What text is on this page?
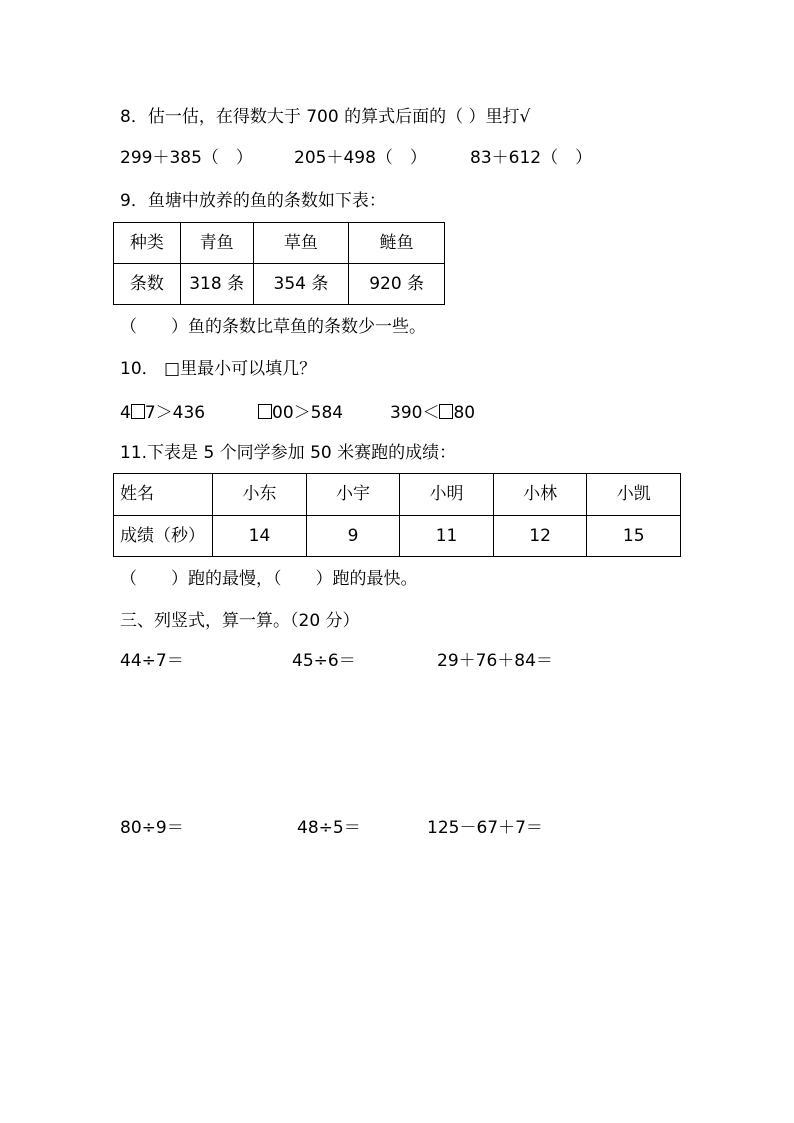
8．估一估，在得数大于 700 的算式后面的（ ）里打√
299＋385（　） 205＋498（　）	83＋612（　）
9．鱼塘中放养的鱼的条数如下表：
种类	青鱼	草鱼	鲢鱼
条数	318 条	354 条	920 条
（　　）鱼的条数比草鱼的条数少一些。
10． □里最小可以填几？
4 7＞436	00＞584	390＜ 80
11.下表是 5 个同学参加 50 米赛跑的成绩：
姓名	小东	小宇	小明	小林	小凯
成绩（秒）	14	9	11	12	15
（　　）跑的最慢，（　　）跑的最快。
三、列竖式，算一算。（20 分）
44÷7＝	45÷6＝	29＋76＋84＝
80÷9＝	48÷5＝	125－67＋7＝
